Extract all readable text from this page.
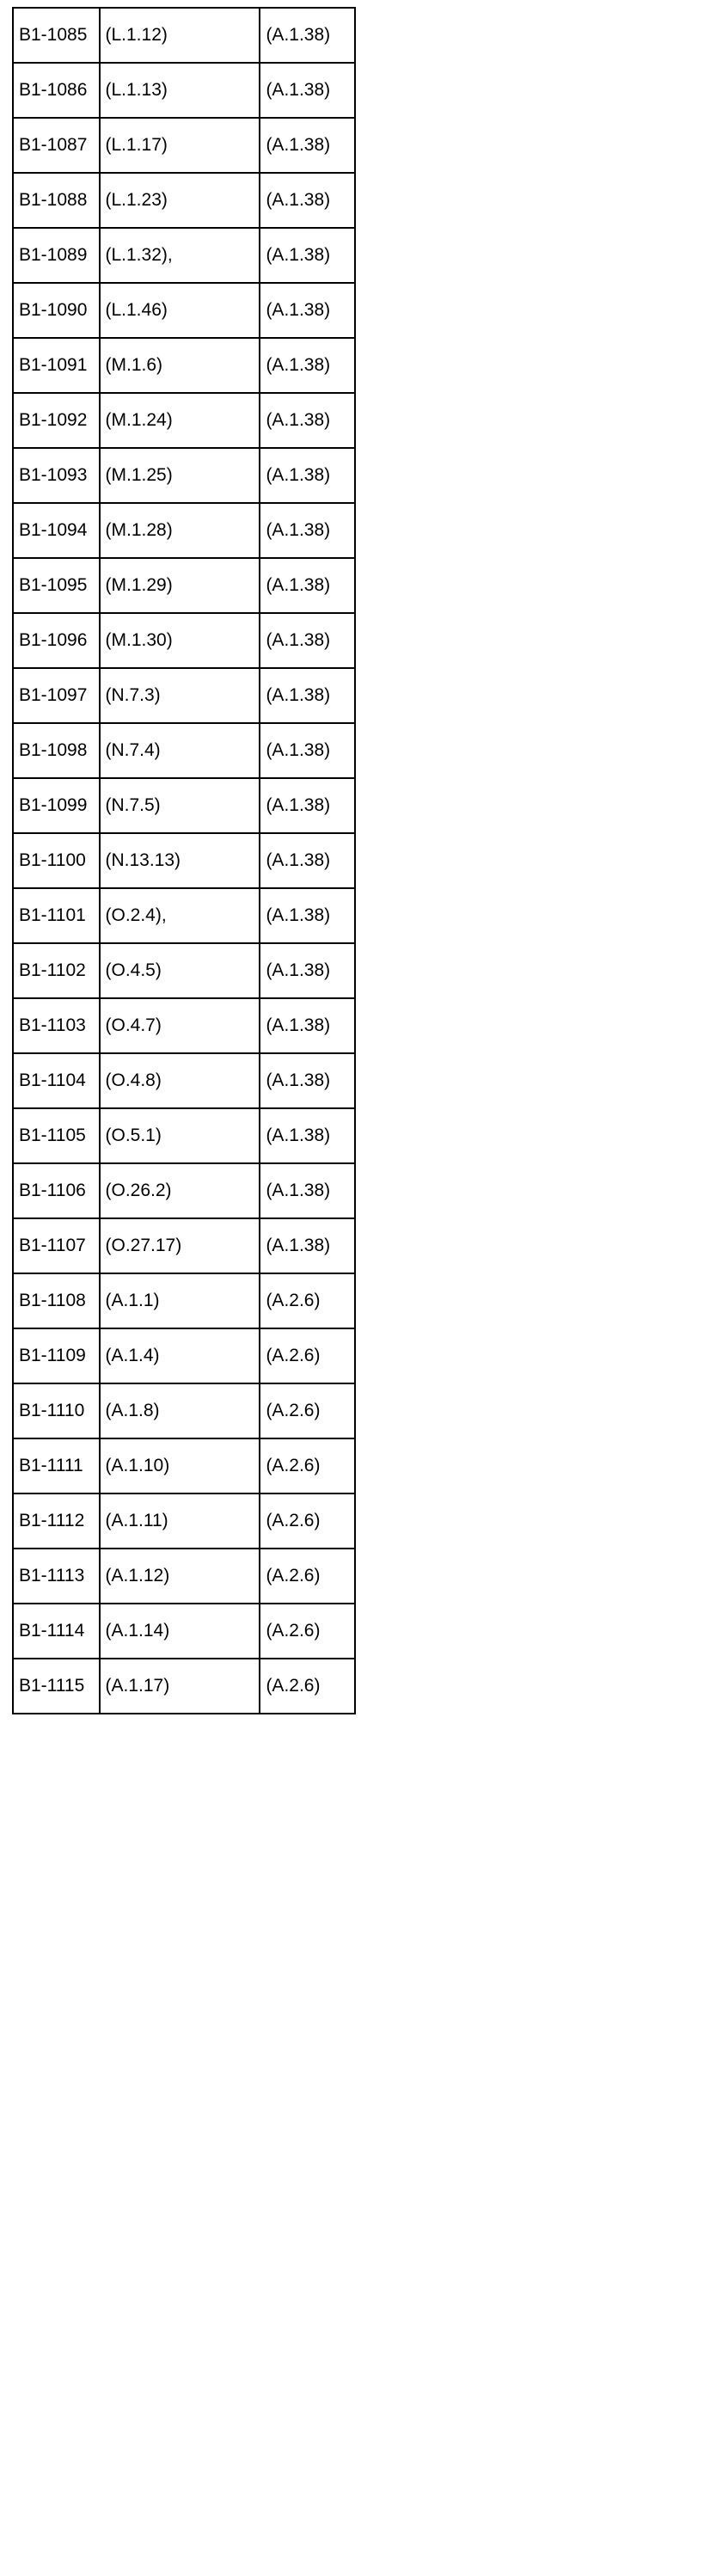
B1-1085	(L.1.12)	(A.1.38)
B1-1086	(L.1.13)	(A.1.38)
B1-1087	(L.1.17)	(A.1.38)
B1-1088	(L.1.23)	(A.1.38)
B1-1089	(L.1.32),	(A.1.38)
B1-1090	(L.1.46)	(A.1.38)
B1-1091	(M.1.6)	(A.1.38)
B1-1092	(M.1.24)	(A.1.38)
B1-1093	(M.1.25)	(A.1.38)
B1-1094	(M.1.28)	(A.1.38)
B1-1095	(M.1.29)	(A.1.38)
B1-1096	(M.1.30)	(A.1.38)
B1-1097	(N.7.3)	(A.1.38)
B1-1098	(N.7.4)	(A.1.38)
B1-1099	(N.7.5)	(A.1.38)
B1-1100	(N.13.13)	(A.1.38)
B1-1101	(O.2.4),	(A.1.38)
B1-1102	(O.4.5)	(A.1.38)
B1-1103	(O.4.7)	(A.1.38)
B1-1104	(O.4.8)	(A.1.38)
B1-1105	(O.5.1)	(A.1.38)
B1-1106	(O.26.2)	(A.1.38)
B1-1107	(O.27.17)	(A.1.38)
B1-1108	(A.1.1)	(A.2.6)
B1-1109	(A.1.4)	(A.2.6)
B1-1110	(A.1.8)	(A.2.6)
B1-1111	(A.1.10)	(A.2.6)
B1-1112	(A.1.11)	(A.2.6)
B1-1113	(A.1.12)	(A.2.6)
B1-1114	(A.1.14)	(A.2.6)
B1-1115	(A.1.17)	(A.2.6)
